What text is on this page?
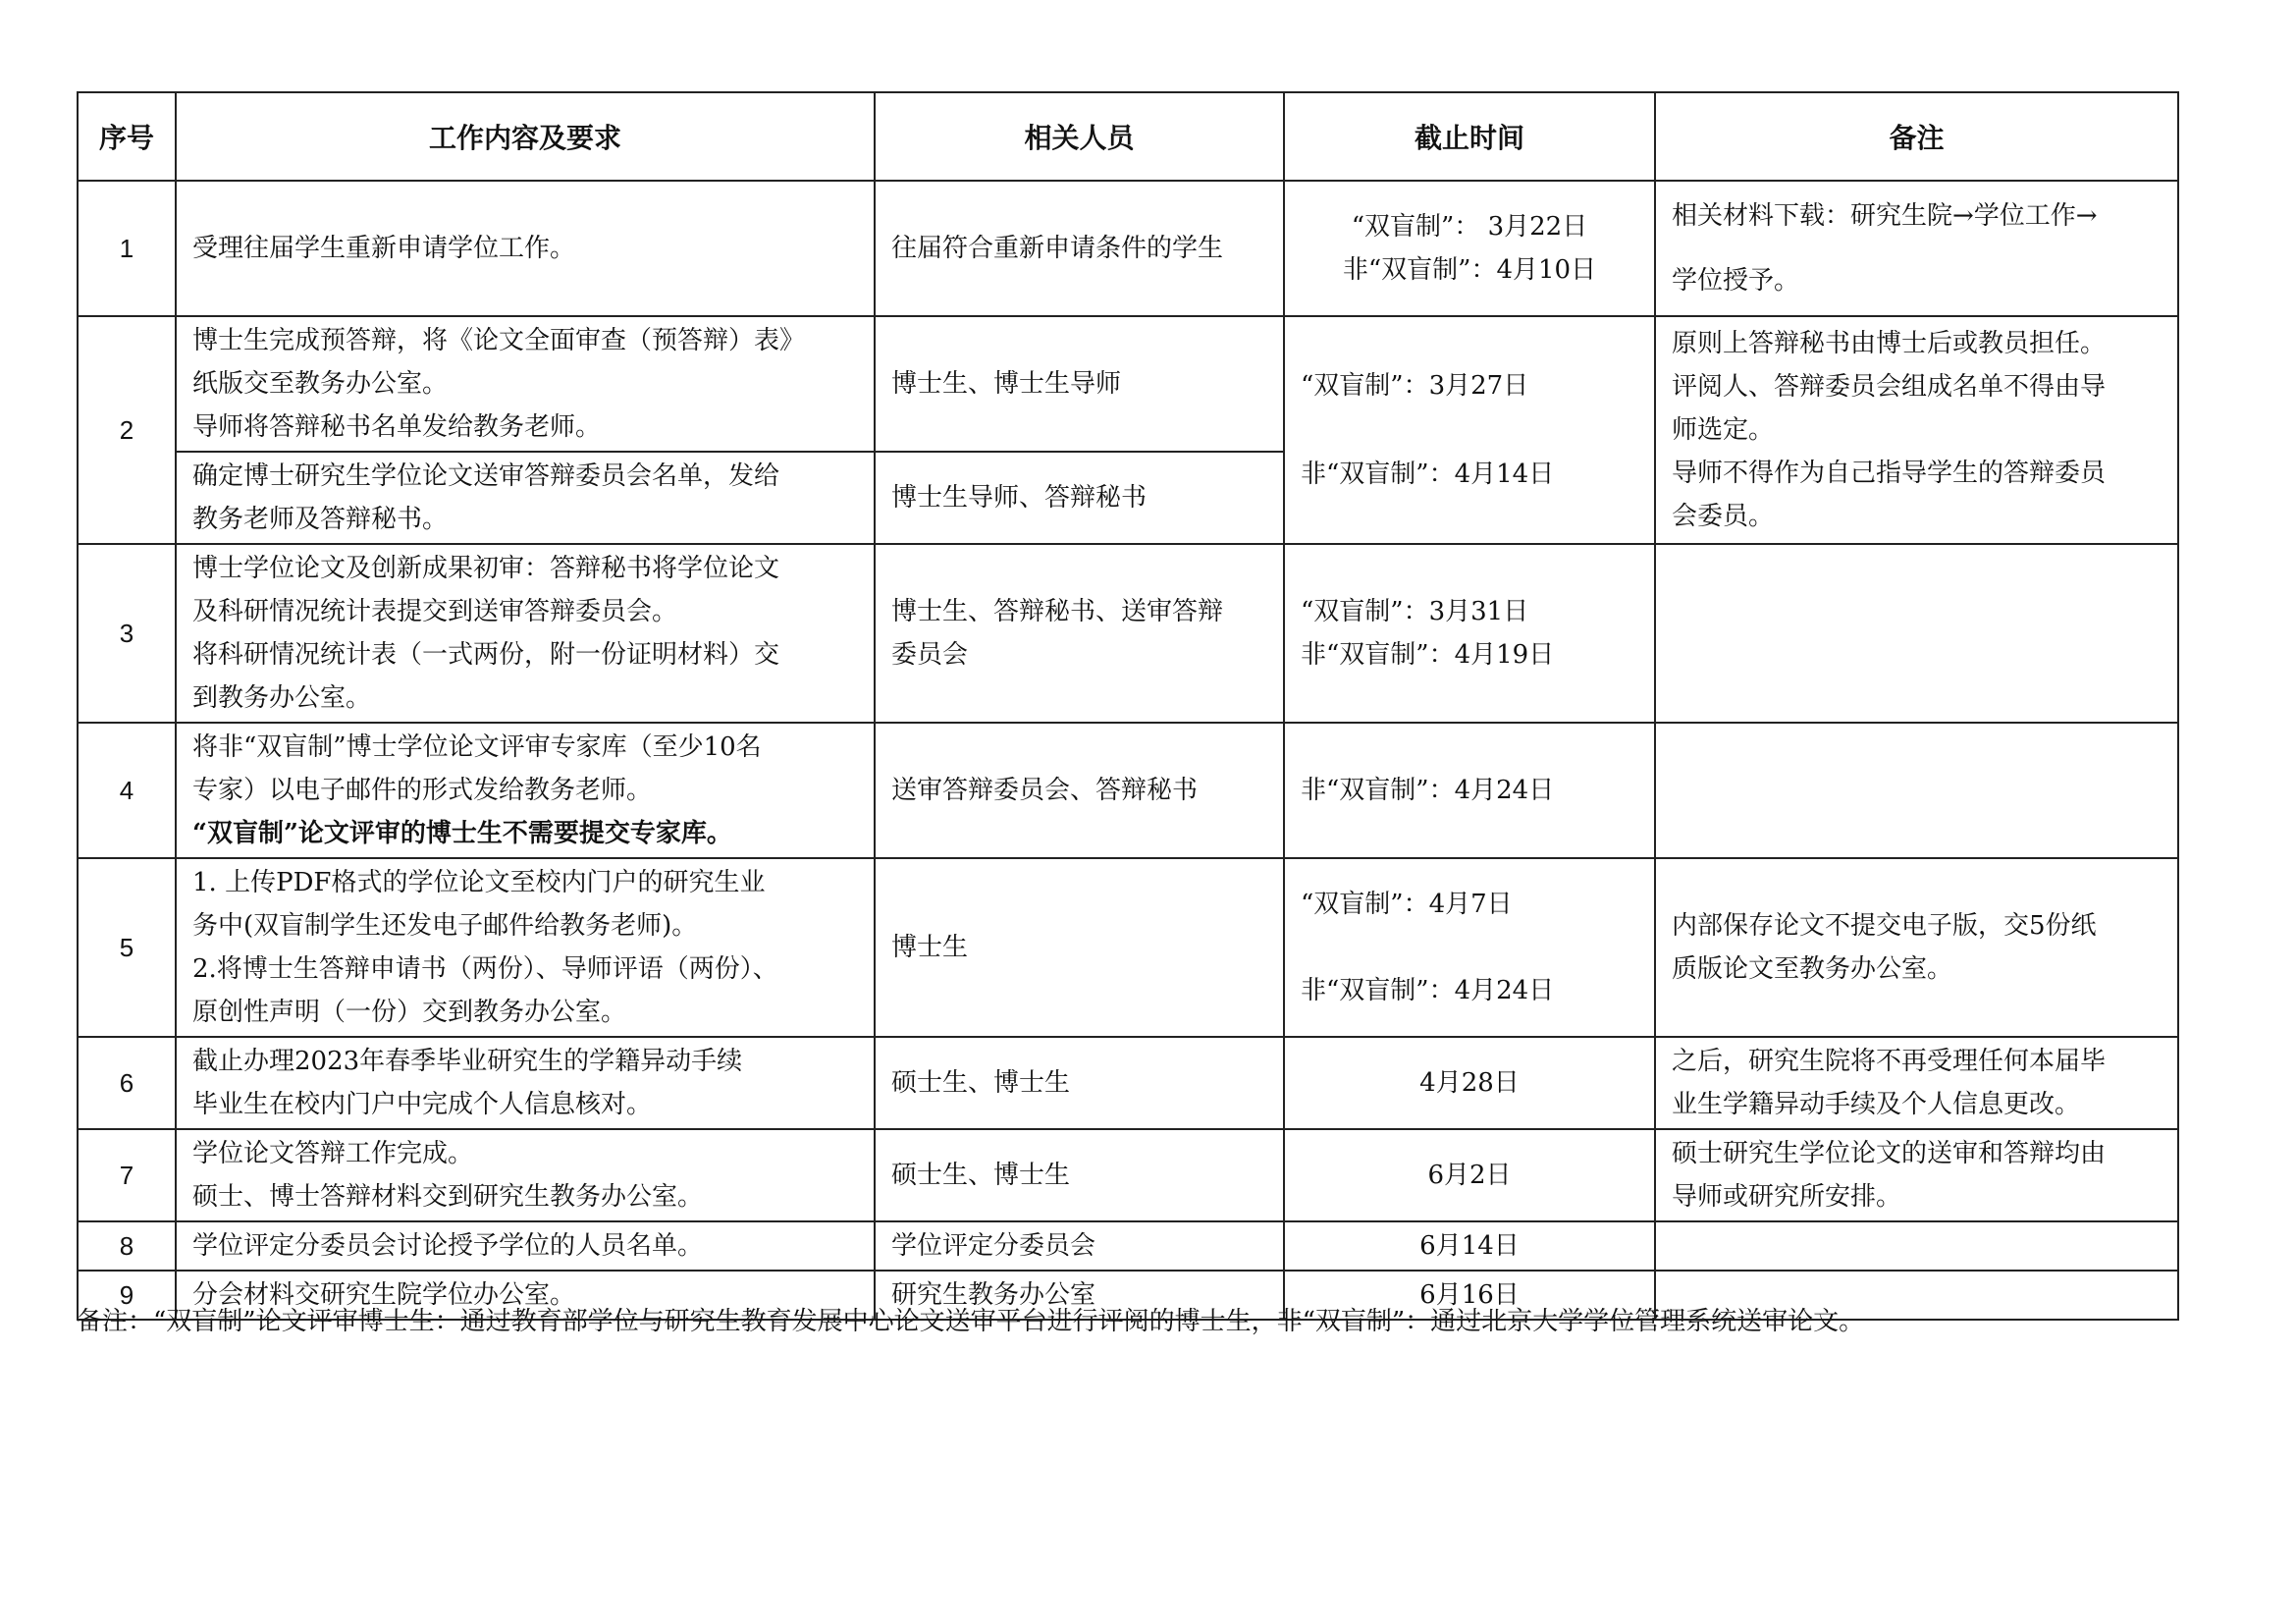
序号	工作内容及要求	相关人员	截止时间	备注
1	受理往届学生重新申请学位工作。	往届符合重新申请条件的学生	“双盲制”： 3月22日
非“双盲制”：4月10日	相关材料下载：研究生院→学位工作→
学位授予。

2	博士生完成预答辩，将《论文全面审查（预答辩）表》
纸版交至教务办公室。
导师将答辩秘书名单发给教务老师。	博士生、博士生导师	“双盲制”：3月27日
非“双盲制”：4月14日	原则上答辩秘书由博士后或教员担任。
评阅人、答辩委员会组成名单不得由导
师选定。
导师不得作为自己指导学生的答辩委员
会委员。

	确定博士研究生学位论文送审答辩委员会名单，发给
教务老师及答辩秘书。	博士生导师、答辩秘书		
3	博士学位论文及创新成果初审：答辩秘书将学位论文
及科研情况统计表提交到送审答辩委员会。
将科研情况统计表（一式两份，附一份证明材料）交
到教务办公室。	博士生、答辩秘书、送审答辩
委员会	“双盲制”：3月31日
非“双盲制”：4月19日	

4	将非“双盲制”博士学位论文评审专家库（至少10名
专家）以电子邮件的形式发给教务老师。
“双盲制”论文评审的博士生不需要提交专家库。	送审答辩委员会、答辩秘书	非“双盲制”：4月24日	

5	1. 上传PDF格式的学位论文至校内门户的研究生业
务中(双盲制学生还发电子邮件给教务老师)。
2.将博士生答辩申请书（两份）、导师评语（两份）、
原创性声明（一份）交到教务办公室。	博士生	“双盲制”：4月7日
非“双盲制”：4月24日	内部保存论文不提交电子版，交5份纸
质版论文至教务办公室。

6	截止办理2023年春季毕业研究生的学籍异动手续
毕业生在校内门户中完成个人信息核对。	硕士生、博士生	4月28日	之后，研究生院将不再受理任何本届毕
业生学籍异动手续及个人信息更改。

7	学位论文答辩工作完成。
硕士、博士答辩材料交到研究生教务办公室。	硕士生、博士生	6月2日	硕士研究生学位论文的送审和答辩均由
导师或研究所安排。

8	学位评定分委员会讨论授予学位的人员名单。	学位评定分委员会	6月14日	

9	分会材料交研究生院学位办公室。	研究生教务办公室	6月16日	

备注：“双盲制”论文评审博士生：通过教育部学位与研究生教育发展中心论文送审平台进行评阅的博士生，非“双盲制”：通过北京大学学位管理系统送审论文。
